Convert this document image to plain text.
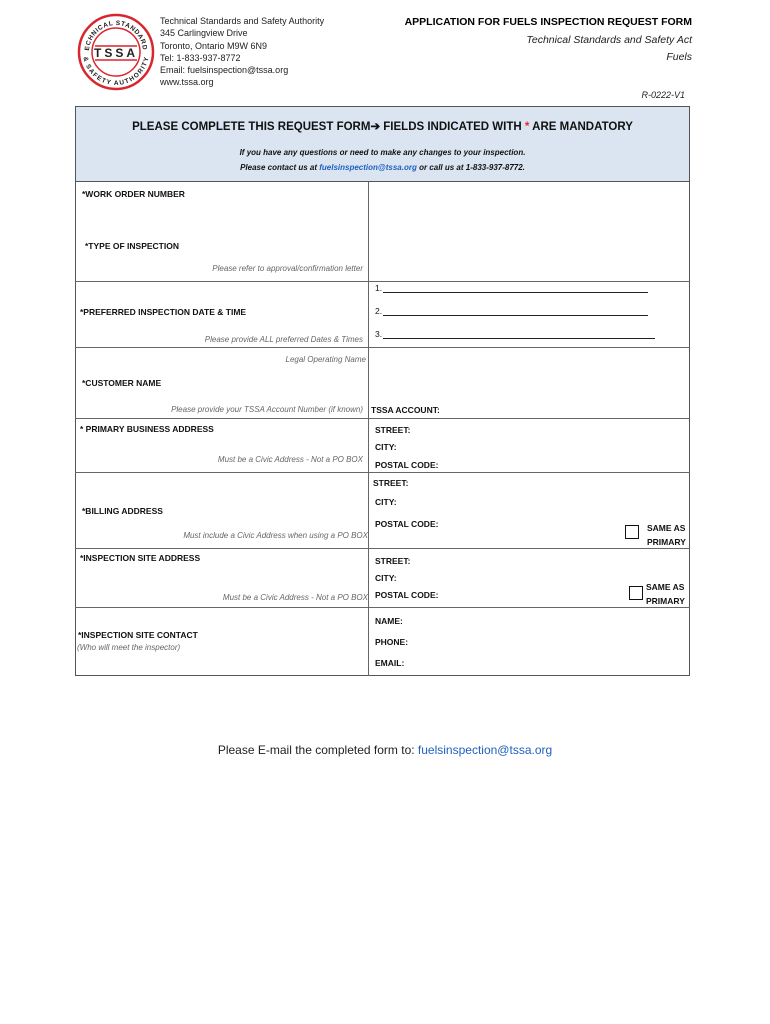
ECHNICAL STANDARD
& SAFETY AUTHORITY
TSSA
Technical Standards and Safety Authority
345 Carlingview Drive
Toronto, Ontario M9W 6N9
Tel: 1-833-937-8772
Email: fuelsinspection@tssa.org
www.tssa.org
APPLICATION FOR FUELS INSPECTION REQUEST FORM
Technical Standards and Safety Act
Fuels
R-0222-V1
PLEASE COMPLETE THIS REQUEST FORM➔ FIELDS INDICATED WITH * ARE MANDATORY
If you have any questions or need to make any changes to your inspection.
Please contact us at fuelsinspection@tssa.org or call us at 1-833-937-8772.
*WORK ORDER NUMBER
*TYPE OF INSPECTION
Please refer to approval/confirmation letter
*PREFERRED INSPECTION DATE & TIME
Please provide ALL preferred Dates & Times
1.
2.
3.
Legal Operating Name
*CUSTOMER NAME
Please provide your TSSA Account Number (if known) TSSA ACCOUNT:
* PRIMARY BUSINESS ADDRESS
Must be a Civic Address - Not a PO BOX
STREET:
CITY:
POSTAL CODE:
*BILLING ADDRESS
Must include a Civic Address when using a PO BOX
STREET:
CITY:
POSTAL CODE:	SAME AS
PRIMARY
*INSPECTION SITE ADDRESS
Must be a Civic Address - Not a PO BOX
STREET:
CITY:
POSTAL CODE:
SAME AS
PRIMARY
*INSPECTION SITE CONTACT
(Who will meet the inspector)
NAME:
PHONE:
EMAIL:
Please E-mail the completed form to: fuelsinspection@tssa.org
